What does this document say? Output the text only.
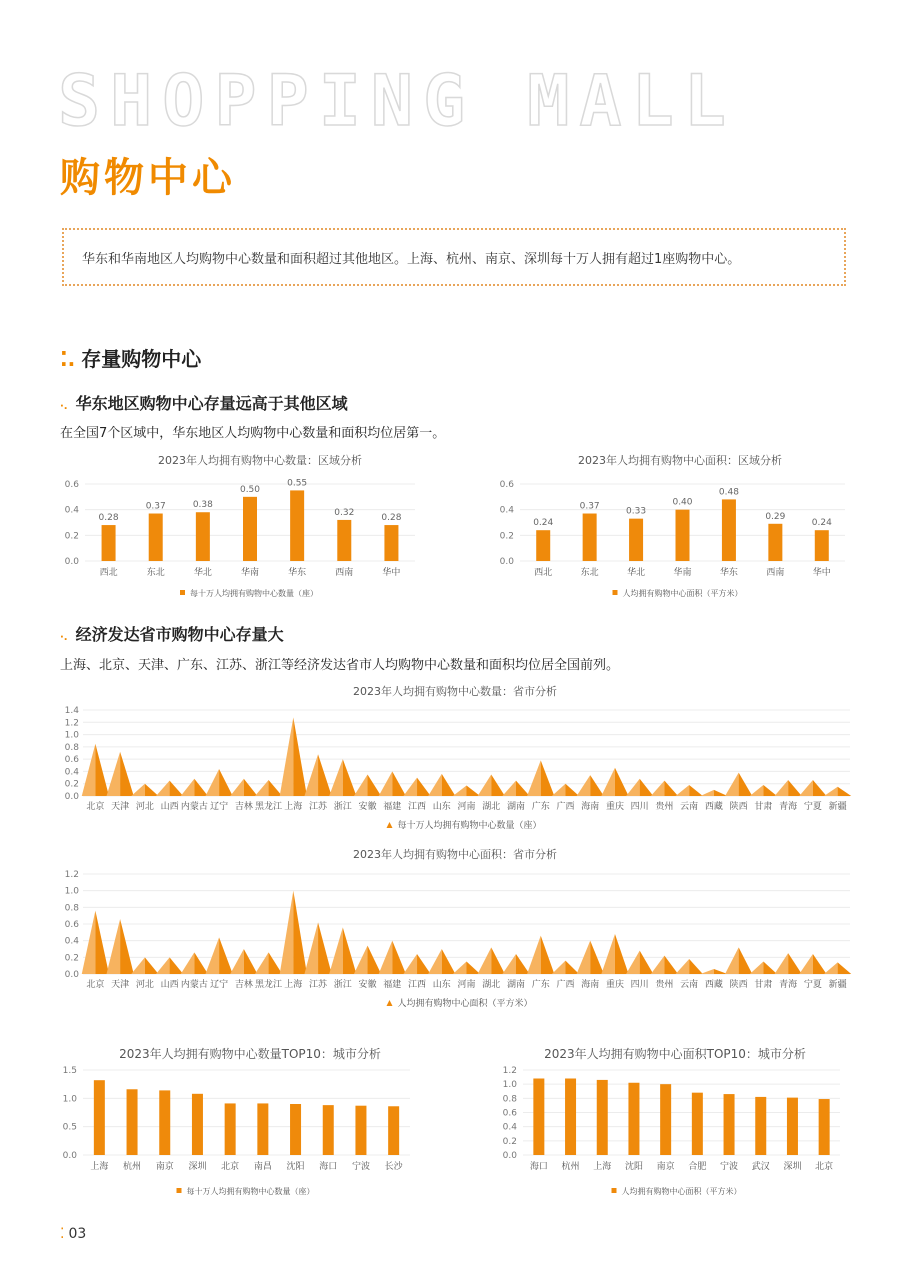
SHOPPING MALL
购物中心
华东和华南地区人均购物中心数量和面积超过其他地区。上海、杭州、南京、深圳每十万人拥有超过1座购物中心。
⁚. 存量购物中心
·. 华东地区购物中心存量远高于其他区域
在全国7个区域中，华东地区人均购物中心数量和面积均位居第一。
2023年人均拥有购物中心数量：区域分析
0.0
0.2
0.4
0.6
西北
0.28
东北
0.37
华北
0.38
华南
0.50
华东
0.55
西南
0.32
华中
0.28
每十万人均拥有购物中心数量（座）
2023年人均拥有购物中心面积：区域分析
0.0
0.2
0.4
0.6
西北
0.24
东北
0.37
华北
0.33
华南
0.40
华东
0.48
西南
0.29
华中
0.24
人均拥有购物中心面积（平方米）
·. 经济发达省市购物中心存量大
上海、北京、天津、广东、江苏、浙江等经济发达省市人均购物中心数量和面积均位居全国前列。
2023年人均拥有购物中心数量：省市分析
0.0
0.2
0.4
0.6
0.8
1.0
1.2
1.4
北京 天津 河北 山西 内蒙古 辽宁 吉林 黑龙江 上海 江苏 浙江 安徽 福建 江西 山东 河南 湖北 湖南 广东 广西 海南 重庆 四川 贵州 云南 西藏 陕西 甘肃 青海 宁夏 新疆
每十万人均拥有购物中心数量（座）
2023年人均拥有购物中心面积：省市分析
0.0
0.2
0.4
0.6
0.8
1.0
1.2
北京 天津 河北 山西 内蒙古 辽宁 吉林 黑龙江 上海 江苏 浙江 安徽 福建 江西 山东 河南 湖北 湖南 广东 广西 海南 重庆 四川 贵州 云南 西藏 陕西 甘肃 青海 宁夏 新疆
人均拥有购物中心面积（平方米）
2023年人均拥有购物中心数量TOP10：城市分析
0.0
0.5
1.0
1.5
上海 杭州 南京 深圳 北京 南昌 沈阳 海口 宁波 长沙
每十万人均拥有购物中心数量（座）
2023年人均拥有购物中心面积TOP10：城市分析
0.0
0.2
0.4
0.6
0.8
1.0
1.2
海口 杭州 上海 沈阳 南京 合肥 宁波 武汉 深圳 北京
人均拥有购物中心面积（平方米）
⁚ 03
